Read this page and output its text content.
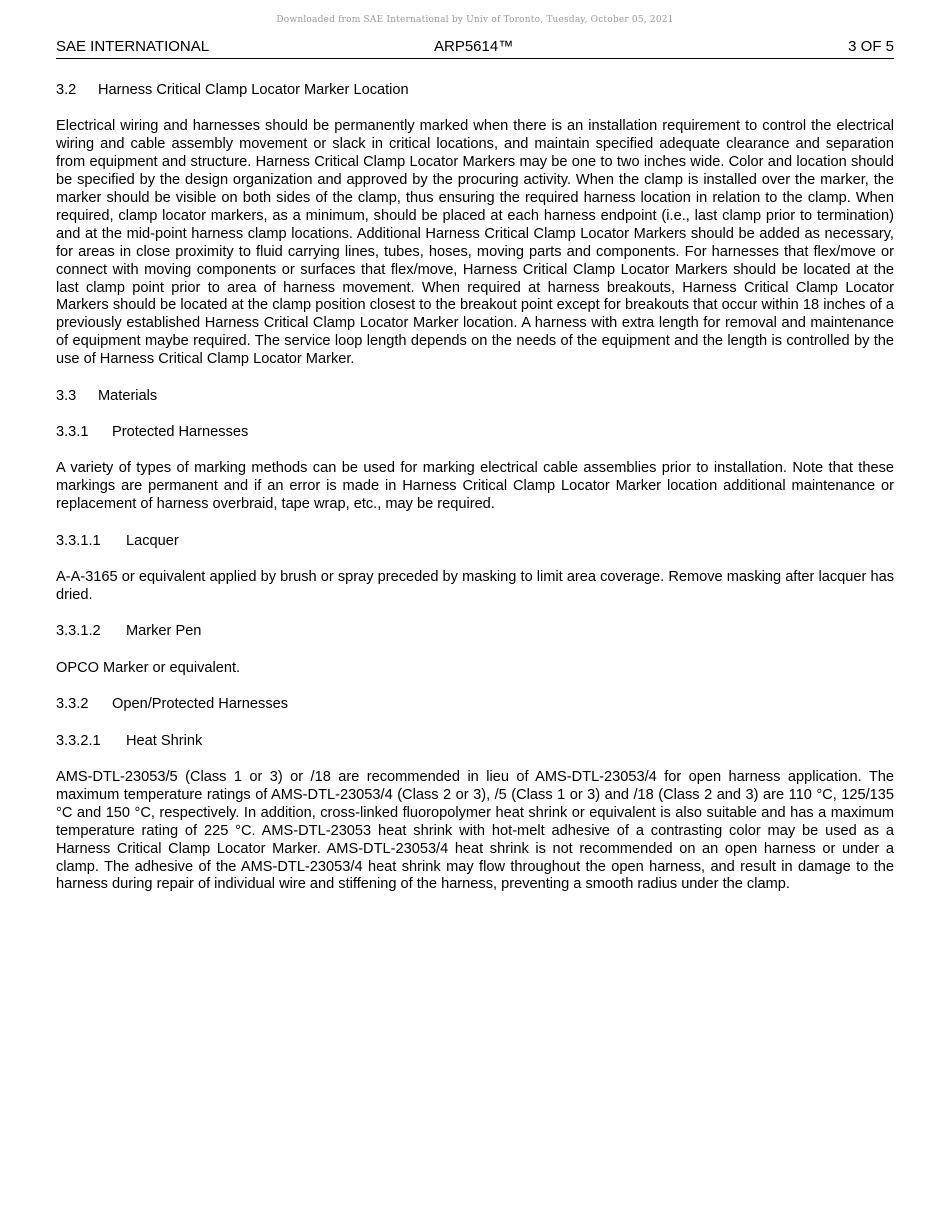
Downloaded from SAE International by Univ of Toronto, Tuesday, October 05, 2021
SAE INTERNATIONAL	ARP5614™	3 OF 5
3.2 Harness Critical Clamp Locator Marker Location

Electrical wiring and harnesses should be permanently marked when there is an installation requirement to control the electrical wiring and cable assembly movement or slack in critical locations, and maintain specified adequate clearance and separation from equipment and structure. Harness Critical Clamp Locator Markers may be one to two inches wide. Color and location should be specified by the design organization and approved by the procuring activity. When the clamp is installed over the marker, the marker should be visible on both sides of the clamp, thus ensuring the required harness location in relation to the clamp. When required, clamp locator markers, as a minimum, should be placed at each harness endpoint (i.e., last clamp prior to termination) and at the mid-point harness clamp locations. Additional Harness Critical Clamp Locator Markers should be added as necessary, for areas in close proximity to fluid carrying lines, tubes, hoses, moving parts and components. For harnesses that flex/move or connect with moving components or surfaces that flex/move, Harness Critical Clamp Locator Markers should be located at the last clamp point prior to area of harness movement. When required at harness breakouts, Harness Critical Clamp Locator Markers should be located at the clamp position closest to the breakout point except for breakouts that occur within 18 inches of a previously established Harness Critical Clamp Locator Marker location. A harness with extra length for removal and maintenance of equipment maybe required. The service loop length depends on the needs of the equipment and the length is controlled by the use of Harness Critical Clamp Locator Marker.

3.3 Materials
3.3.1 Protected Harnesses

A variety of types of marking methods can be used for marking electrical cable assemblies prior to installation. Note that these markings are permanent and if an error is made in Harness Critical Clamp Locator Marker location additional maintenance or replacement of harness overbraid, tape wrap, etc., may be required.

3.3.1.1 Lacquer

A-A-3165 or equivalent applied by brush or spray preceded by masking to limit area coverage. Remove masking after lacquer has dried.

3.3.1.2 Marker Pen

OPCO Marker or equivalent.

3.3.2 Open/Protected Harnesses
3.3.2.1 Heat Shrink

AMS-DTL-23053/5 (Class 1 or 3) or /18 are recommended in lieu of AMS-DTL-23053/4 for open harness application. The maximum temperature ratings of AMS-DTL-23053/4 (Class 2 or 3), /5 (Class 1 or 3) and /18 (Class 2 and 3) are 110 °C, 125/135 °C and 150 °C, respectively. In addition, cross-linked fluoropolymer heat shrink or equivalent is also suitable and has a maximum temperature rating of 225 °C. AMS-DTL-23053 heat shrink with hot-melt adhesive of a contrasting color may be used as a Harness Critical Clamp Locator Marker. AMS-DTL-23053/4 heat shrink is not recommended on an open harness or under a clamp. The adhesive of the AMS-DTL-23053/4 heat shrink may flow throughout the open harness, and result in damage to the harness during repair of individual wire and stiffening of the harness, preventing a smooth radius under the clamp.
